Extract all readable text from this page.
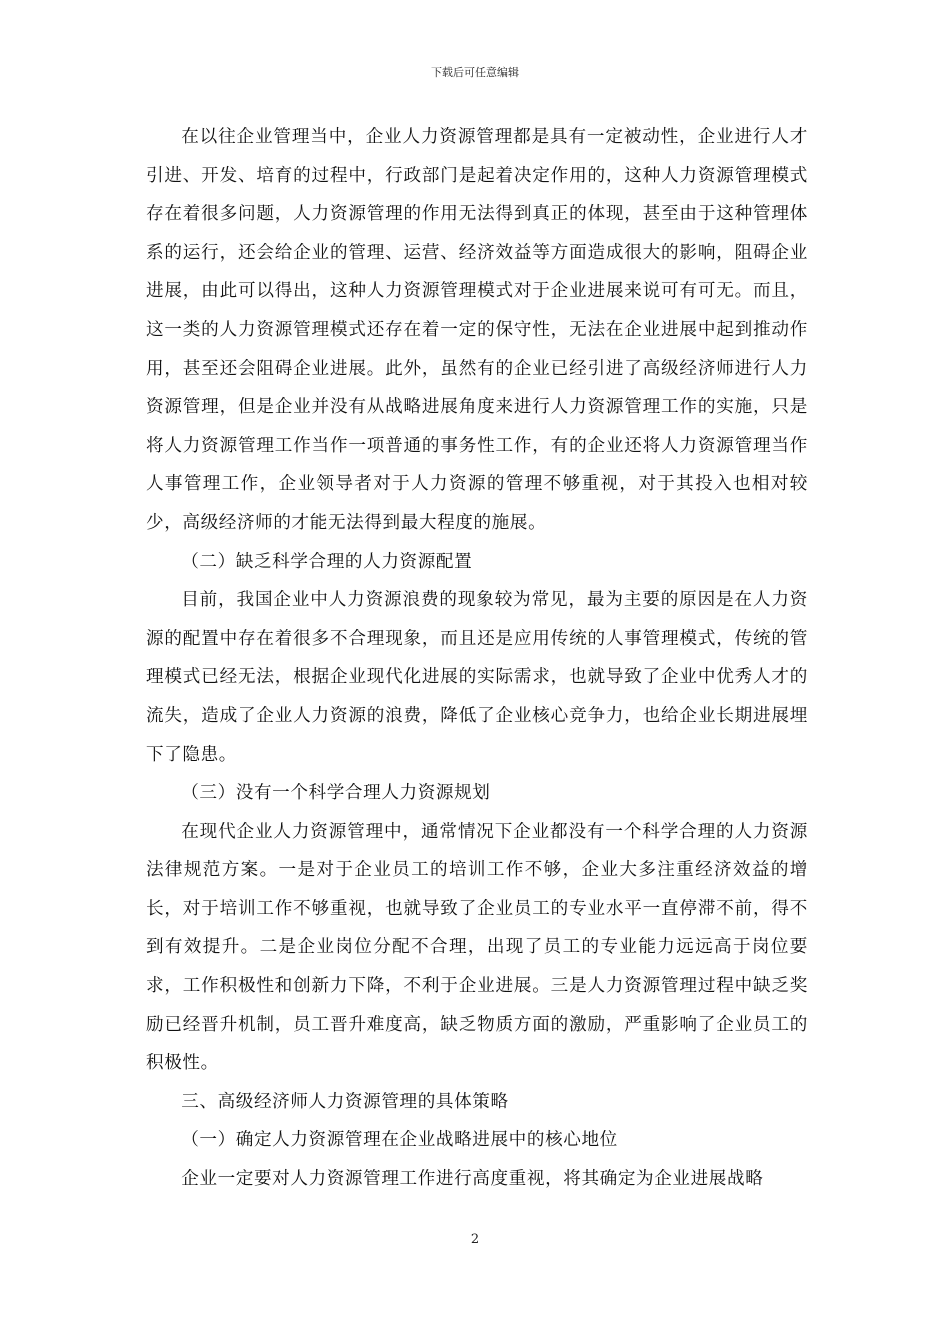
下载后可任意编辑

在以往企业管理当中，企业人力资源管理都是具有一定被动性，企业进行人才引进、开发、培育的过程中，行政部门是起着决定作用的，这种人力资源管理模式存在着很多问题，人力资源管理的作用无法得到真正的体现，甚至由于这种管理体系的运行，还会给企业的管理、运营、经济效益等方面造成很大的影响，阻碍企业进展，由此可以得出，这种人力资源管理模式对于企业进展来说可有可无。而且，这一类的人力资源管理模式还存在着一定的保守性，无法在企业进展中起到推动作用，甚至还会阻碍企业进展。此外，虽然有的企业已经引进了高级经济师进行人力资源管理，但是企业并没有从战略进展角度来进行人力资源管理工作的实施，只是将人力资源管理工作当作一项普通的事务性工作，有的企业还将人力资源管理当作人事管理工作，企业领导者对于人力资源的管理不够重视，对于其投入也相对较少，高级经济师的才能无法得到最大程度的施展。

（二）缺乏科学合理的人力资源配置

目前，我国企业中人力资源浪费的现象较为常见，最为主要的原因是在人力资源的配置中存在着很多不合理现象，而且还是应用传统的人事管理模式，传统的管理模式已经无法，根据企业现代化进展的实际需求，也就导致了企业中优秀人才的流失，造成了企业人力资源的浪费，降低了企业核心竞争力，也给企业长期进展埋下了隐患。

（三）没有一个科学合理人力资源规划

在现代企业人力资源管理中，通常情况下企业都没有一个科学合理的人力资源法律规范方案。一是对于企业员工的培训工作不够，企业大多注重经济效益的增长，对于培训工作不够重视，也就导致了企业员工的专业水平一直停滞不前，得不到有效提升。二是企业岗位分配不合理，出现了员工的专业能力远远高于岗位要求，工作积极性和创新力下降，不利于企业进展。三是人力资源管理过程中缺乏奖励已经晋升机制，员工晋升难度高，缺乏物质方面的激励，严重影响了企业员工的积极性。

三、高级经济师人力资源管理的具体策略

（一）确定人力资源管理在企业战略进展中的核心地位

企业一定要对人力资源管理工作进行高度重视，将其确定为企业进展战略

2
